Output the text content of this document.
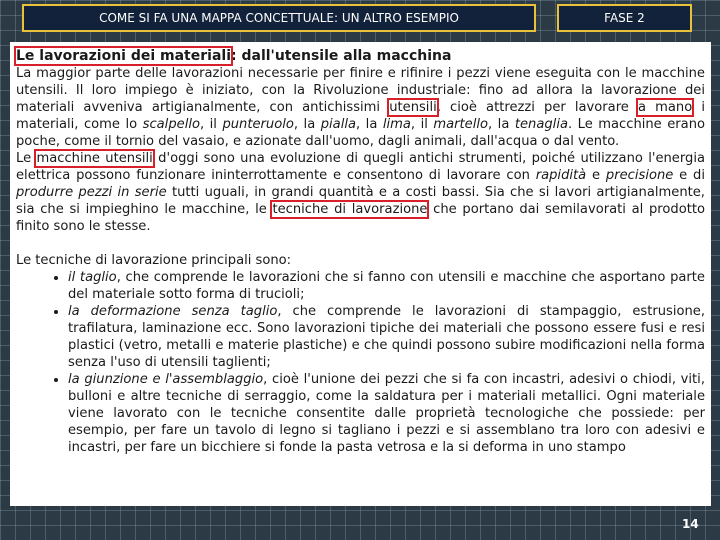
COME SI FA UNA MAPPA CONCETTUALE: UN ALTRO ESEMPIO	FASE 2

Le lavorazioni dei materiali: dall'utensile alla macchina

La maggior parte delle lavorazioni necessarie per finire e rifinire i pezzi viene eseguita con le macchine utensili. Il loro impiego è iniziato, con la Rivoluzione industriale: fino ad allora la lavorazione dei materiali avveniva artigianalmente, con antichissimi utensili, cioè attrezzi per lavorare a mano i materiali, come lo scalpello, il punteruolo, la pialla, la lima, il martello, la tenaglia. Le macchine erano poche, come il tornio del vasaio, e azionate dall'uomo, dagli animali, dall'acqua o dal vento.

Le macchine utensili d'oggi sono una evoluzione di quegli antichi strumenti, poiché utilizzano l'energia elettrica possono funzionare ininterrottamente e consentono di lavorare con rapidità e precisione e di produrre pezzi in serie tutti uguali, in grandi quantità e a costi bassi. Sia che si lavori artigianalmente, sia che si impieghino le macchine, le tecniche di lavorazione che portano dai semilavorati al prodotto finito sono le stesse.

Le tecniche di lavorazione principali sono:

• il taglio, che comprende le lavorazioni che si fanno con utensili e macchine che asportano parte del materiale sotto forma di trucioli;
• la deformazione senza taglio, che comprende le lavorazioni di stampaggio, estrusione, trafilatura, laminazione ecc. Sono lavorazioni tipiche dei materiali che possono essere fusi e resi plastici (vetro, metalli e materie plastiche) e che quindi possono subire modificazioni nella forma senza l'uso di utensili taglienti;
• la giunzione e l'assemblaggio, cioè l'unione dei pezzi che si fa con incastri, adesivi o chiodi, viti, bulloni e altre tecniche di serraggio, come la saldatura per i materiali metallici. Ogni materiale viene lavorato con le tecniche consentite dalle proprietà tecnologiche che possiede: per esempio, per fare un tavolo di legno si tagliano i pezzi e si assemblano tra loro con adesivi e incastri, per fare un bicchiere si fonde la pasta vetrosa e la si deforma in uno stampo
14
